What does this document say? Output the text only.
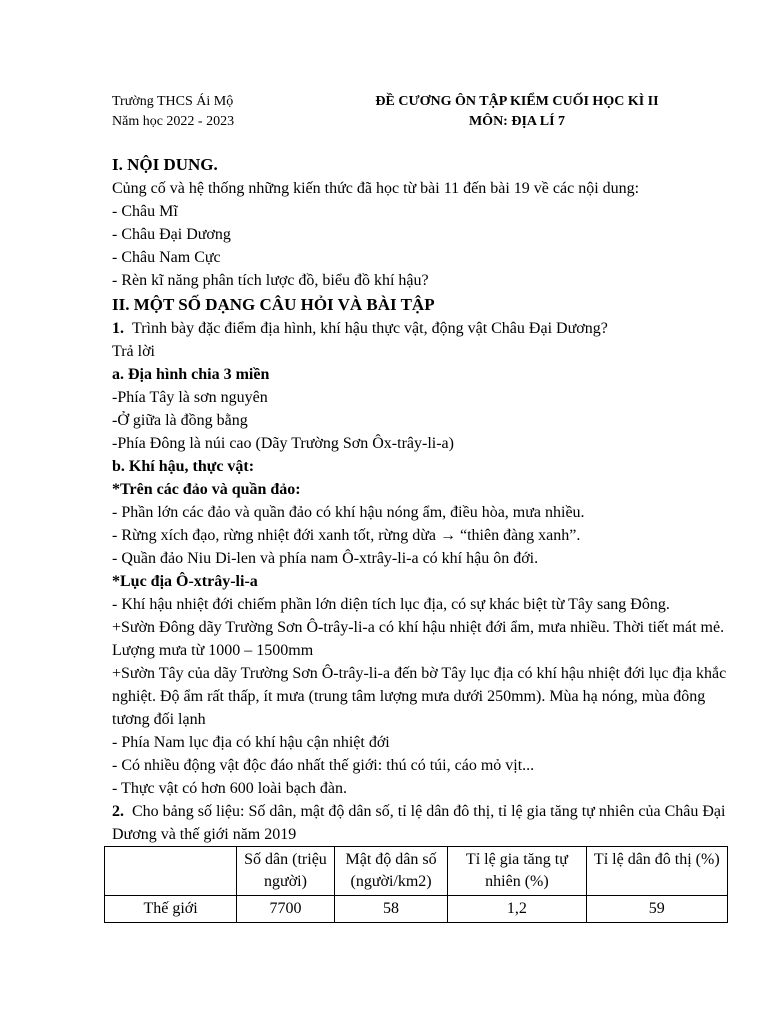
Trường THCS Ái Mộ
Năm học 2022 - 2023
ĐỀ CƯƠNG ÔN TẬP KIỂM CUỐI HỌC KÌ II
MÔN: ĐỊA LÍ 7

I. NỘI DUNG.

Củng cố và hệ thống những kiến thức đã học từ bài 11 đến bài 19 về các nội dung:

- Châu Mĩ

- Châu Đại Dương

- Châu Nam Cực

- Rèn kĩ năng phân tích lược đồ, biểu đồ khí hậu?

II. MỘT SỐ DẠNG CÂU HỎI VÀ BÀI TẬP

1. Trình bày đặc điểm địa hình, khí hậu thực vật, động vật Châu Đại Dương?

Trả lời

a. Địa hình chia 3 miền

-Phía Tây là sơn nguyên

-Ở giữa là đồng bằng

-Phía Đông là núi cao (Dãy Trường Sơn Ôx-trây-li-a)

b. Khí hậu, thực vật:

*Trên các đảo và quần đảo:

- Phần lớn các đảo và quần đảo có khí hậu nóng ẩm, điều hòa, mưa nhiều.

- Rừng xích đạo, rừng nhiệt đới xanh tốt, rừng dừa → “thiên đàng xanh”.

- Quần đảo Niu Di-len và phía nam Ô-xtrây-li-a có khí hậu ôn đới.

*Lục địa Ô-xtrây-li-a

- Khí hậu nhiệt đới chiếm phần lớn diện tích lục địa, có sự khác biệt từ Tây sang Đông.

+Sườn Đông dãy Trường Sơn Ô-trây-li-a có khí hậu nhiệt đới ẩm, mưa nhiều. Thời tiết mát mẻ. Lượng mưa từ 1000 – 1500mm

+Sườn Tây của dãy Trường Sơn Ô-trây-li-a đến bờ Tây lục địa có khí hậu nhiệt đới lục địa khắc nghiệt. Độ ẩm rất thấp, ít mưa (trung tâm lượng mưa dưới 250mm). Mùa hạ nóng, mùa đông tương đối lạnh

- Phía Nam lục địa có khí hậu cận nhiệt đới

- Có nhiều động vật độc đáo nhất thế giới: thú có túi, cáo mỏ vịt...

- Thực vật có hơn 600 loài bạch đàn.

2. Cho bảng số liệu: Số dân, mật độ dân số, tỉ lệ dân đô thị, tỉ lệ gia tăng tự nhiên của Châu Đại Dương và thế giới năm 2019

	Số dân (triệu người)	Mật độ dân số (người/km2)	Tỉ lệ gia tăng tự nhiên (%)	Tỉ lệ dân đô thị (%)
Thế giới	7700	58	1,2	59
